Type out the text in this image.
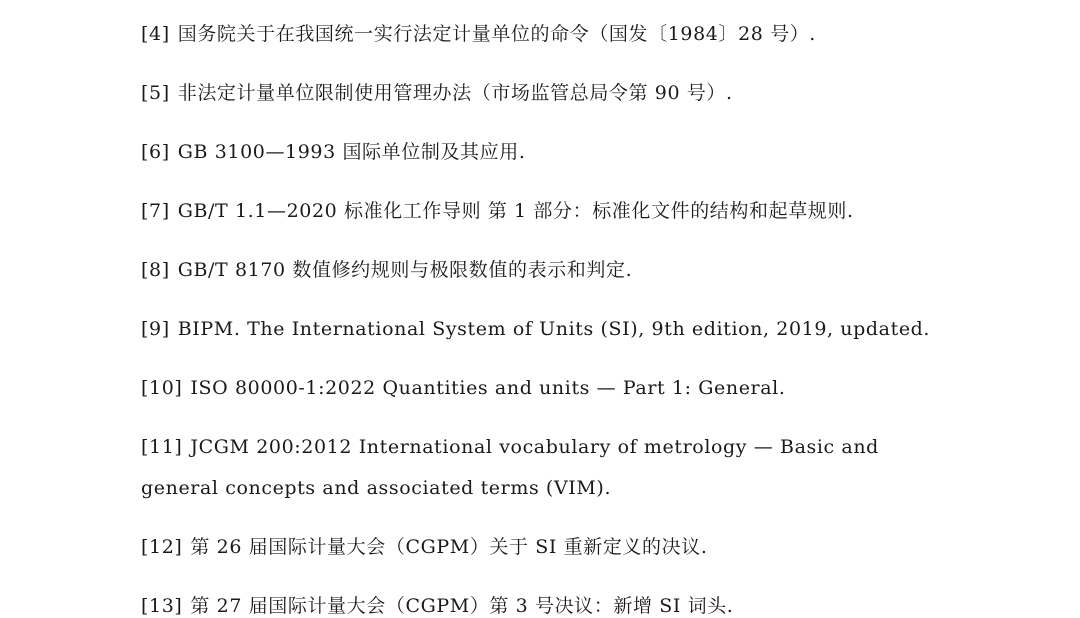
[4] 国务院关于在我国统一实行法定计量单位的命令（国发〔1984〕28 号）.
[5] 非法定计量单位限制使用管理办法（市场监管总局令第 90 号）.
[6] GB 3100—1993 国际单位制及其应用.
[7] GB/T 1.1—2020 标准化工作导则 第 1 部分：标准化文件的结构和起草规则.
[8] GB/T 8170 数值修约规则与极限数值的表示和判定.
[9] BIPM. The International System of Units (SI), 9th edition, 2019, updated.
[10] ISO 80000-1:2022 Quantities and units — Part 1: General.
[11] JCGM 200:2012 International vocabulary of metrology — Basic and
general concepts and associated terms (VIM).
[12] 第 26 届国际计量大会（CGPM）关于 SI 重新定义的决议.
[13] 第 27 届国际计量大会（CGPM）第 3 号决议：新增 SI 词头.
